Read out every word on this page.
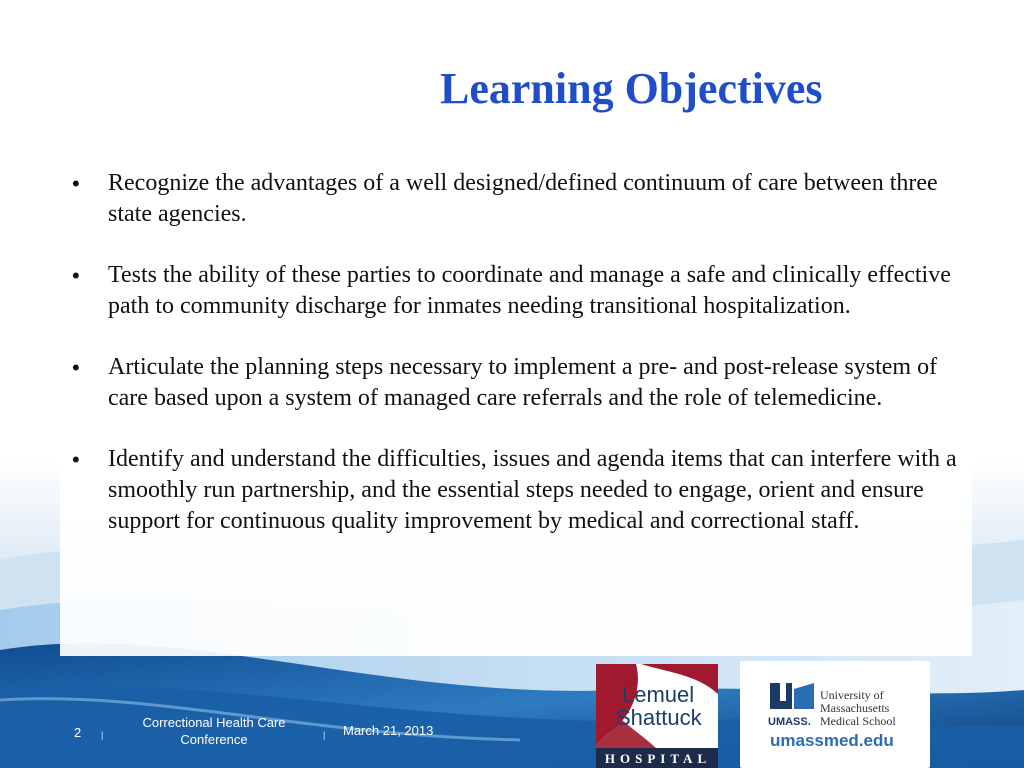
Learning Objectives
•	Recognize the advantages of a well designed/defined continuum of care between three state agencies.
•	Tests the ability of these parties to coordinate and manage a safe and clinically effective path to community discharge for inmates needing transitional hospitalization.
•	Articulate the planning steps necessary to implement a pre- and post-release system of care based upon a system of managed care referrals and the role of telemedicine.
•	Identify and understand the difficulties, issues and agenda items that can interfere with a smoothly run partnership, and the essential steps needed to engage, orient and ensure support for continuous quality improvement by medical and correctional staff.
2 |
Correctional Health Care Conference	| March 21, 2013
Lemuel
Shattuck
HOSPITAL
UMASS.
University of
Massachusetts
Medical School
umassmed.edu
